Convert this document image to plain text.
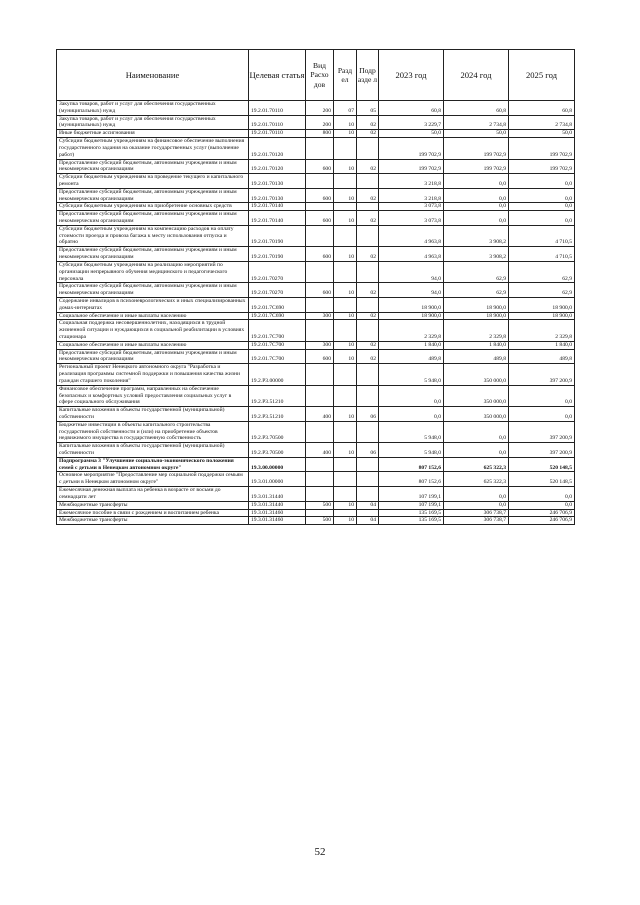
Наименование	Целевая статья	Вид Расхо дов	Разд ел	Подр азде л	2023 год	2024 год	2025 год
Закупка товаров, работ и услуг для обеспечения государственных (муниципальных) нужд	19.2.01.70110	200	07	05	60,8	60,8	60,8
Закупка товаров, работ и услуг для обеспечения государственных (муниципальных) нужд	19.2.01.70110	200	10	02	3 229,7	2 734,8	2 734,8
Иные бюджетные ассигнования	19.2.01.70110	800	10	02	50,0	50,0	50,0
Субсидии бюджетным учреждениям на финансовое обеспечение выполнения государственного задания на оказание государственных услуг (выполнение работ)	19.2.01.70120				199 702,9	199 702,9	199 702,9
Предоставление субсидий бюджетным, автономным учреждениям и иным некоммерческим организациям	19.2.01.70120	600	10	02	199 702,9	199 702,9	199 702,9
Субсидии бюджетным учреждениям на проведение текущего и капитального ремонта	19.2.01.70130				3 218,8	0,0	0,0
Предоставление субсидий бюджетным, автономным учреждениям и иным некоммерческим организациям	19.2.01.70130	600	10	02	3 218,8	0,0	0,0
Субсидии бюджетным учреждениям на приобретение основных средств	19.2.01.70140				3 073,8	0,0	0,0
Предоставление субсидий бюджетным, автономным учреждениям и иным некоммерческим организациям	19.2.01.70140	600	10	02	3 073,8	0,0	0,0
Субсидии бюджетным учреждениям на компенсацию расходов на оплату стоимости проезда и провоза багажа к месту использования отпуска и обратно	19.2.01.70190				4 963,8	3 908,2	4 710,5
Предоставление субсидий бюджетным, автономным учреждениям и иным некоммерческим организациям	19.2.01.70190	600	10	02	4 963,8	3 908,2	4 710,5
Субсидии бюджетным учреждениям на реализацию мероприятий по организации непрерывного обучения медицинского и педагогического персонала	19.2.01.70270				94,0	62,9	62,9
Предоставление субсидий бюджетным, автономным учреждениям и иным некоммерческим организациям	19.2.01.70270	600	10	02	94,0	62,9	62,9
Содержание инвалидов в психоневрологических и иных специализированных домах-интернатах	19.2.01.7С690				18 900,0	18 900,0	18 900,0
Социальное обеспечение и иные выплаты населению	19.2.01.7С690	300	10	02	18 900,0	18 900,0	18 900,0
Социальная поддержка несовершеннолетних, находящихся в трудной жизненной ситуации и нуждающихся в социальной реабилитации в условиях стационара	19.2.01.7С700				2 329,8	2 329,8	2 329,8
Социальное обеспечение и иные выплаты населению	19.2.01.7С700	300	10	02	1 840,0	1 840,0	1 840,0
Предоставление субсидий бюджетным, автономным учреждениям и иным некоммерческим организациям	19.2.01.7С700	600	10	02	489,8	489,8	489,8
Региональный проект Ненецкого автономного округа "Разработка и реализация программы системной поддержки и повышения качества жизни граждан старшего поколения"	19.2.P3.00000				5 948,0	350 000,0	397 200,9
Финансовое обеспечение программ, направленных на обеспечение безопасных и комфортных условий предоставления социальных услуг в сфере социального обслуживания	19.2.P3.51210				0,0	350 000,0	0,0
Капитальные вложения в объекты государственной (муниципальной) собственности	19.2.P3.51210	400	10	06	0,0	350 000,0	0,0
Бюджетные инвестиции в объекты капитального строительства государственной собственности и (или) на приобретение объектов недвижимого имущества в государственную собственность	19.2.P3.70500				5 948,0	0,0	397 200,9
Капитальные вложения в объекты государственной (муниципальной) собственности	19.2.P3.70500	400	10	06	5 948,0	0,0	397 200,9
Подпрограмма 3 "Улучшение социально-экономического положения семей с детьми в Ненецком автономном округе"	19.3.00.00000				807 152,6	625 322,3	520 148,5
Основное мероприятие "Предоставление мер социальной поддержки семьям с детьми в Ненецком автономном округе"	19.3.01.00000				807 152,6	625 322,3	520 148,5
Ежемесячная денежная выплата на ребенка в возрасте от восьми до семнадцати лет	19.3.01.31440				107 199,1	0,0	0,0
Межбюджетные трансферты	19.3.01.31440	500	10	04	107 199,1	0,0	0,0
Ежемесячное пособие в связи с рождением и воспитанием ребенка	19.3.01.31460				135 169,5	306 738,7	246 706,9
Межбюджетные трансферты	19.3.01.31460	500	10	04	135 169,5	306 738,7	246 706,9
52
